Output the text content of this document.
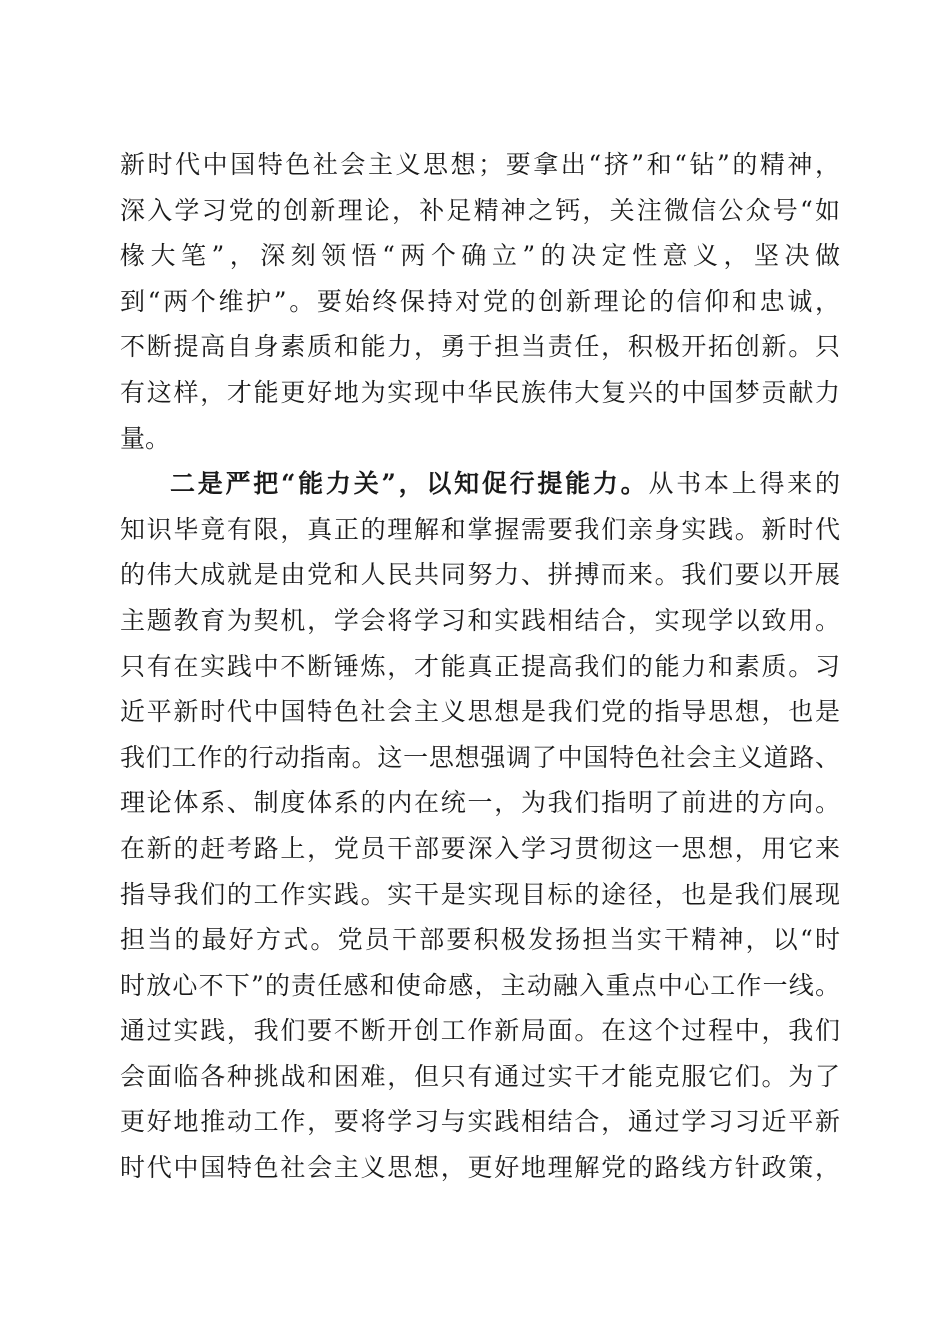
新时代中国特色社会主义思想；要拿出“挤”和“钻”的精神，
深入学习党的创新理论，补足精神之钙，关注微信公众号“如
椽大笔”，深刻领悟“两个确立”的决定性意义，坚决做
到“两个维护”。要始终保持对党的创新理论的信仰和忠诚，
不断提高自身素质和能力，勇于担当责任，积极开拓创新。只
有这样，才能更好地为实现中华民族伟大复兴的中国梦贡献力
量。
二是严把“能力关”，以知促行提能力。从书本上得来的
知识毕竟有限，真正的理解和掌握需要我们亲身实践。新时代
的伟大成就是由党和人民共同努力、拼搏而来。我们要以开展
主题教育为契机，学会将学习和实践相结合，实现学以致用。
只有在实践中不断锤炼，才能真正提高我们的能力和素质。习
近平新时代中国特色社会主义思想是我们党的指导思想，也是
我们工作的行动指南。这一思想强调了中国特色社会主义道路、
理论体系、制度体系的内在统一，为我们指明了前进的方向。
在新的赶考路上，党员干部要深入学习贯彻这一思想，用它来
指导我们的工作实践。实干是实现目标的途径，也是我们展现
担当的最好方式。党员干部要积极发扬担当实干精神，以“时
时放心不下”的责任感和使命感，主动融入重点中心工作一线。
通过实践，我们要不断开创工作新局面。在这个过程中，我们
会面临各种挑战和困难，但只有通过实干才能克服它们。为了
更好地推动工作，要将学习与实践相结合，通过学习习近平新
时代中国特色社会主义思想，更好地理解党的路线方针政策，
